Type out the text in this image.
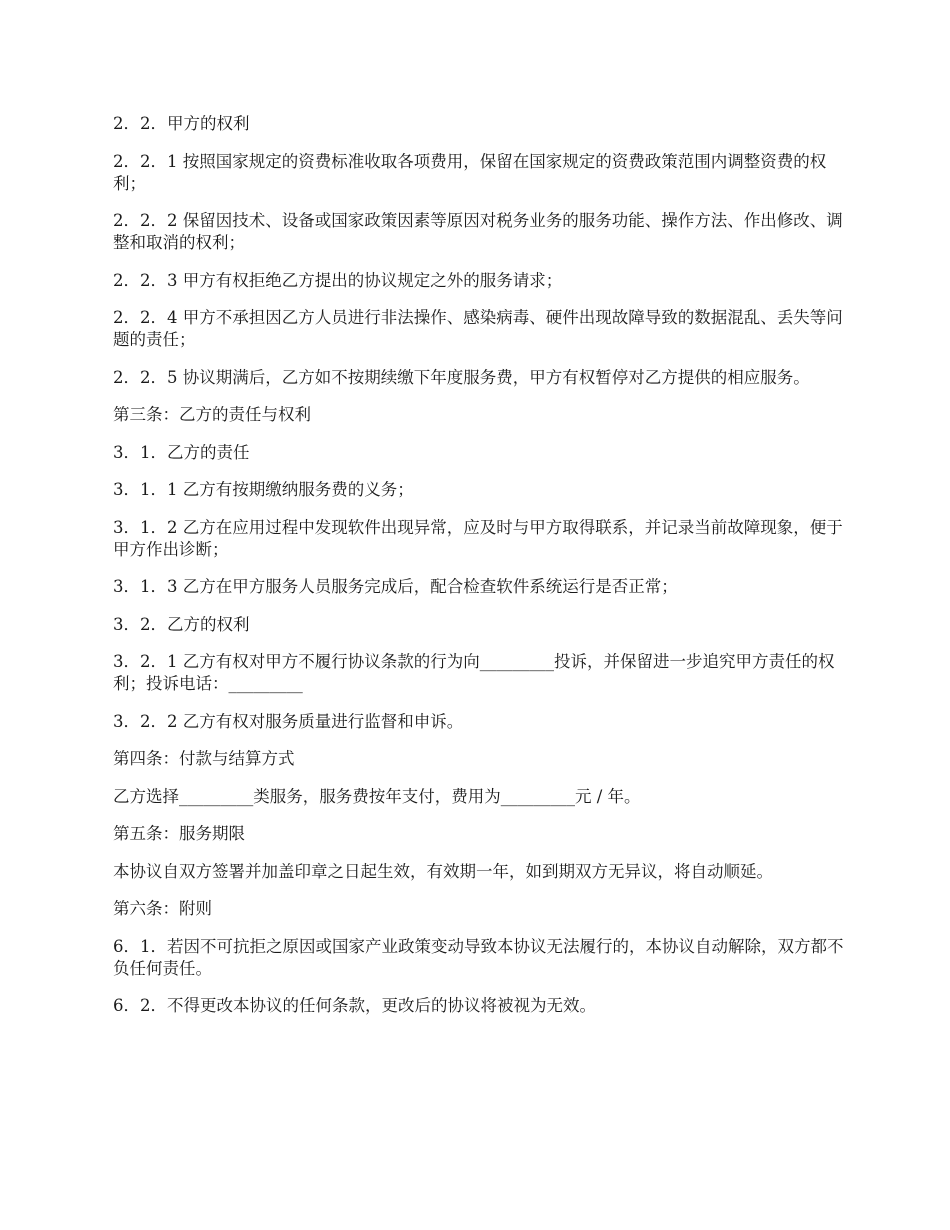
2．2．甲方的权利

2．2．1 按照国家规定的资费标准收取各项费用，保留在国家规定的资费政策范围内调整资费的权利；

2．2．2 保留因技术、设备或国家政策因素等原因对税务业务的服务功能、操作方法、作出修改、调整和取消的权利；

2．2．3 甲方有权拒绝乙方提出的协议规定之外的服务请求；

2．2．4 甲方不承担因乙方人员进行非法操作、感染病毒、硬件出现故障导致的数据混乱、丢失等问题的责任；

2．2．5 协议期满后，乙方如不按期续缴下年度服务费，甲方有权暂停对乙方提供的相应服务。

第三条：乙方的责任与权利

3．1．乙方的责任

3．1．1 乙方有按期缴纳服务费的义务；

3．1．2 乙方在应用过程中发现软件出现异常，应及时与甲方取得联系，并记录当前故障现象，便于甲方作出诊断；

3．1．3 乙方在甲方服务人员服务完成后，配合检查软件系统运行是否正常；

3．2．乙方的权利

3．2．1 乙方有权对甲方不履行协议条款的行为向_________投诉，并保留进一步追究甲方责任的权利；投诉电话：_________

3．2．2 乙方有权对服务质量进行监督和申诉。

第四条：付款与结算方式

乙方选择_________类服务，服务费按年支付，费用为_________元 / 年。

第五条：服务期限

本协议自双方签署并加盖印章之日起生效，有效期一年，如到期双方无异议，将自动顺延。

第六条：附则

6．1．若因不可抗拒之原因或国家产业政策变动导致本协议无法履行的，本协议自动解除，双方都不负任何责任。

6．2．不得更改本协议的任何条款，更改后的协议将被视为无效。
